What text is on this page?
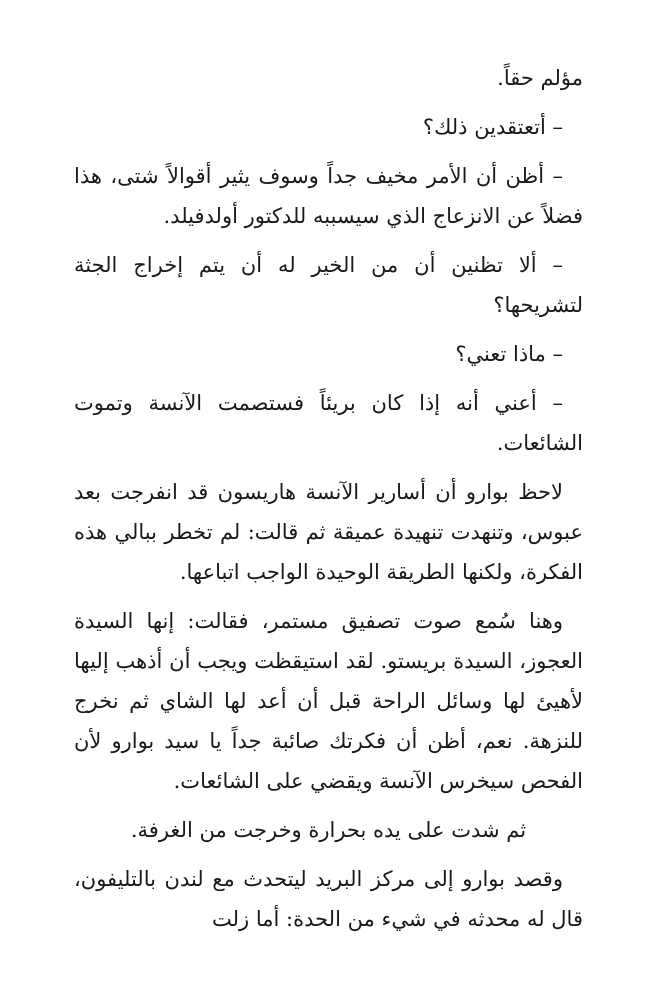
مؤلم حقاً.

– أتعتقدين ذلك؟

– أظن أن الأمر مخيف جداً وسوف يثير أقوالاً شتى، هذا فضلاً عن الانزعاج الذي سيسببه للدكتور أولدفيلد.

– ألا تظنين أن من الخير له أن يتم إخراج الجثة لتشريحها؟

– ماذا تعني؟

– أعني أنه إذا كان بريئاً فستصمت الآنسة وتموت الشائعات.

لاحظ بوارو أن أسارير الآنسة هاريسون قد انفرجت بعد عبوس، وتنهدت تنهيدة عميقة ثم قالت: لم تخطر ببالي هذه الفكرة، ولكنها الطريقة الوحيدة الواجب اتباعها.

وهنا سُمع صوت تصفيق مستمر، فقالت: إنها السيدة العجوز، السيدة بريستو. لقد استيقظت ويجب أن أذهب إليها لأهيئ لها وسائل الراحة قبل أن أعد لها الشاي ثم نخرج للنزهة. نعم، أظن أن فكرتك صائبة جداً يا سيد بوارو لأن الفحص سيخرس الآنسة ويقضي على الشائعات.

ثم شدت على يده بحرارة وخرجت من الغرفة.

وقصد بوارو إلى مركز البريد ليتحدث مع لندن بالتليفون، قال له محدثه في شيء من الحدة: أما زلت
